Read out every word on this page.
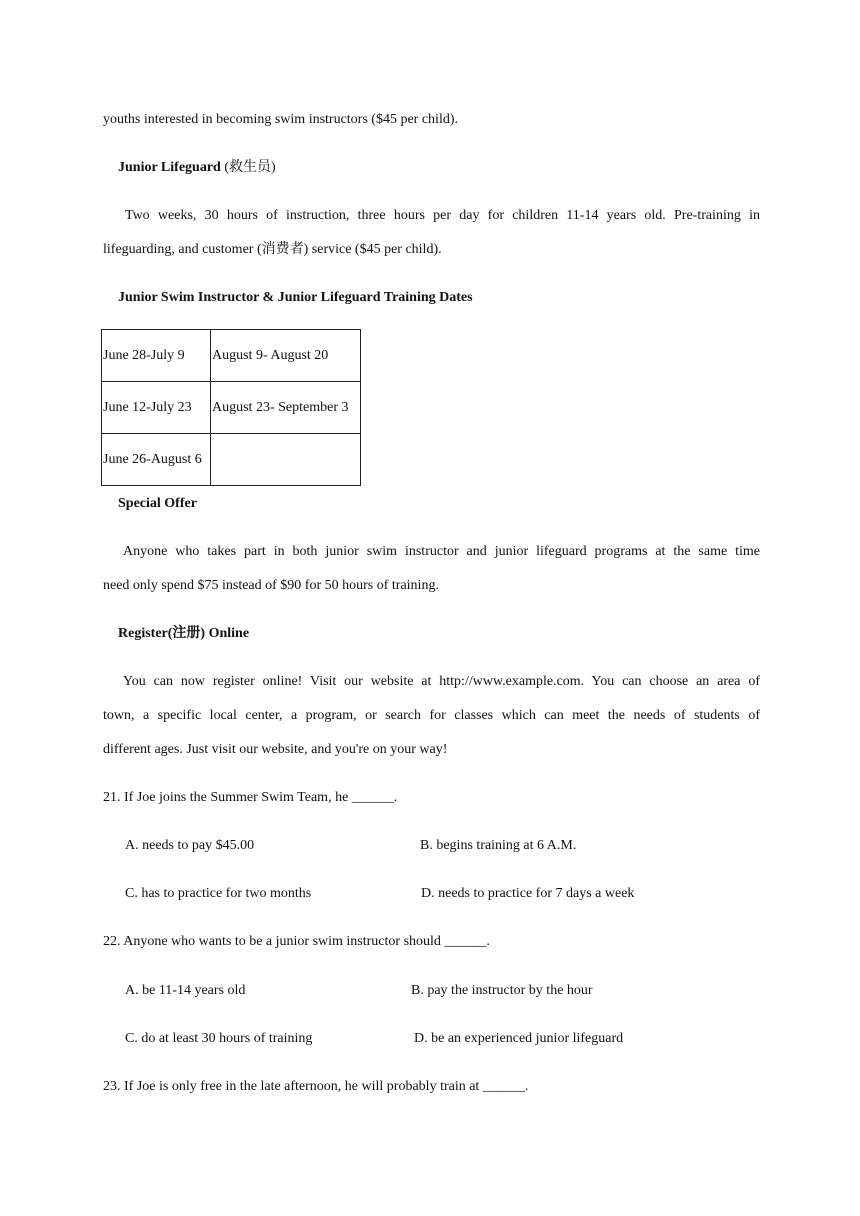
youths interested in becoming swim instructors ($45 per child).
Junior Lifeguard (救生员)
Two weeks, 30 hours of instruction, three hours per day for children 11-14 years old. Pre-training in
lifeguarding, and customer (消费者) service ($45 per child).
Junior Swim Instructor & Junior Lifeguard Training Dates
June 28-July 9	August 9- August 20
June 12-July 23	August 23- September 3
June 26-August 6	
Special Offer
Anyone who takes part in both junior swim instructor and junior lifeguard programs at the same time
need only spend $75 instead of $90 for 50 hours of training.
Register(注册) Online
You can now register online! Visit our website at http://www.example.com. You can choose an area of
town, a specific local center, a program, or search for classes which can meet the needs of students of
different ages. Just visit our website, and you're on your way!
21. If Joe joins the Summer Swim Team, he ______.
A. needs to pay $45.00	B. begins training at 6 A.M.
C. has to practice for two months	D. needs to practice for 7 days a week
22. Anyone who wants to be a junior swim instructor should ______.
A. be 11-14 years old	B. pay the instructor by the hour
C. do at least 30 hours of training	D. be an experienced junior lifeguard
23. If Joe is only free in the late afternoon, he will probably train at ______.
